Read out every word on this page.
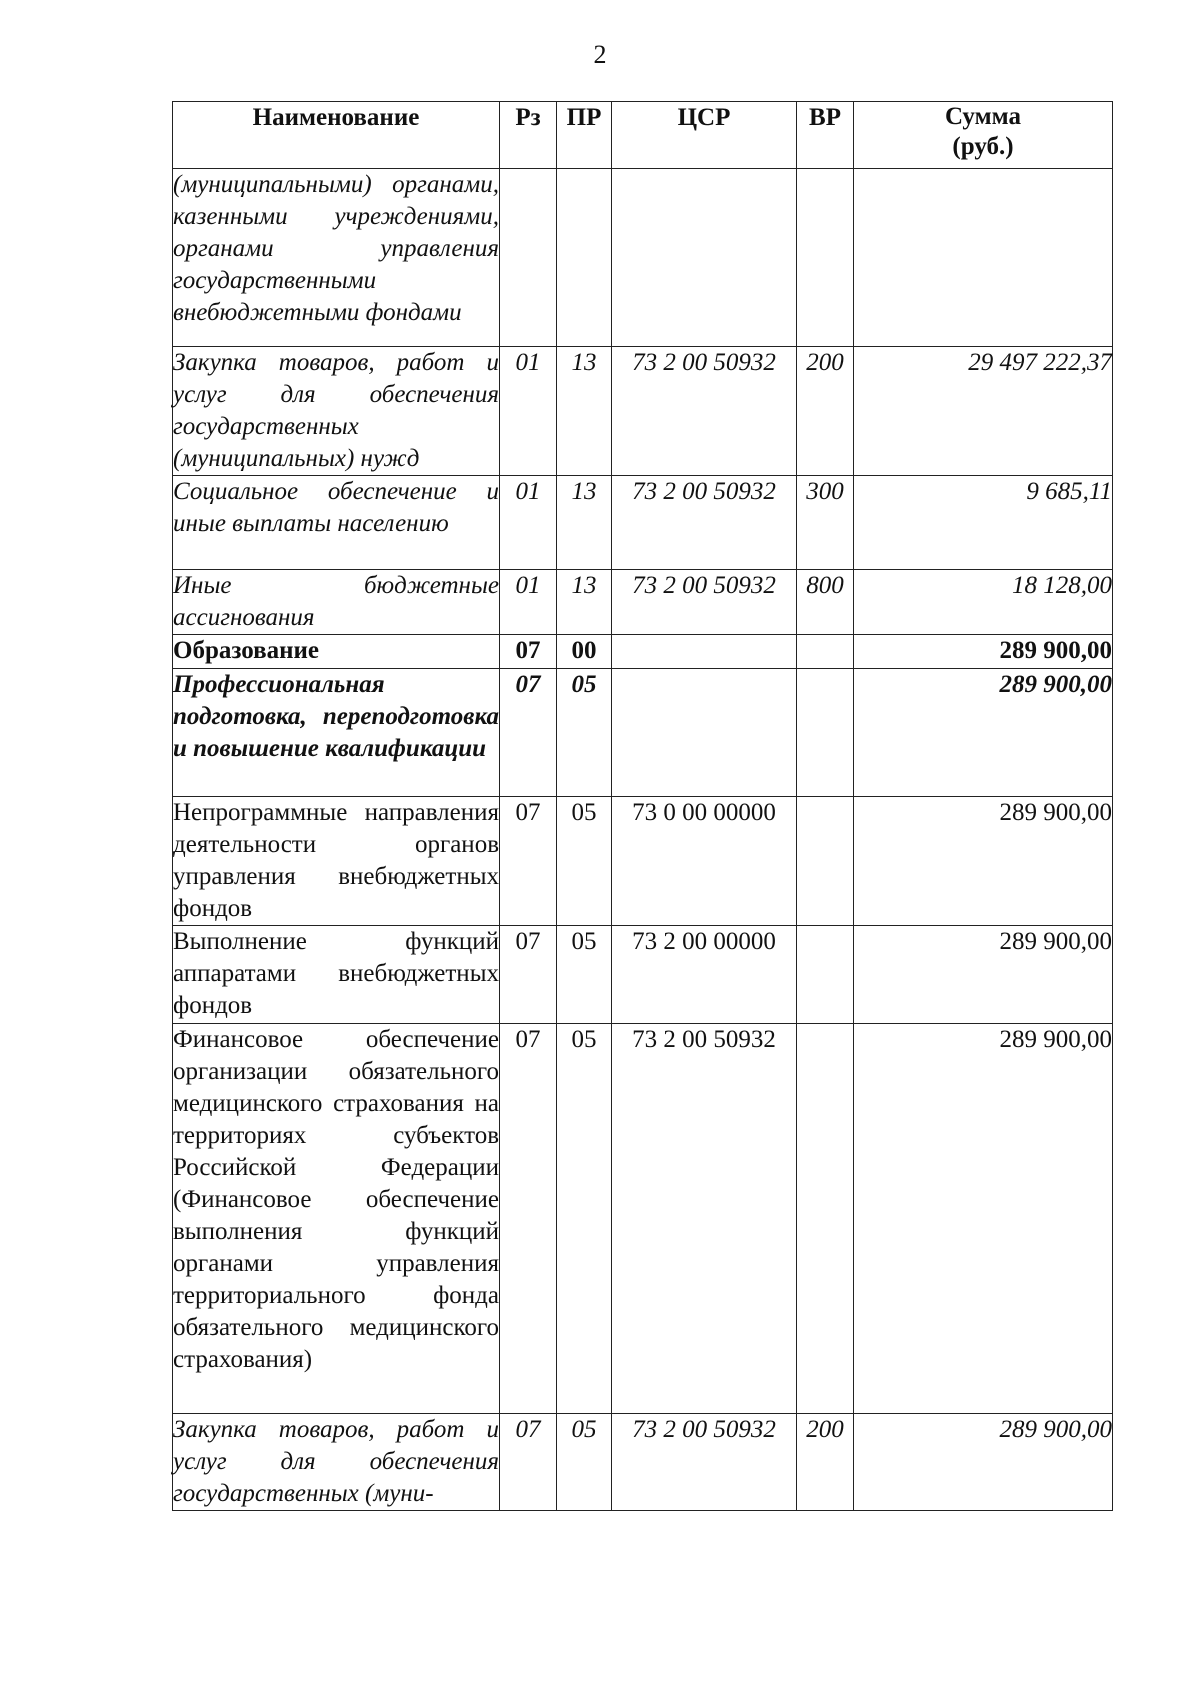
2
Наименование	Рз	ПР	ЦСР	ВР	Сумма
(руб.)

(муниципальными) органами, казенными учреждениями, органами управления государственными внебюджетными фондами					
Закупка товаров, работ и услуг для обеспечения государственных (муниципальных) нужд	01	13	73 2 00 50932	200	29 497 222,37
Социальное обеспечение и иные выплаты населению	01	13	73 2 00 50932	300	9 685,11
Иные бюджетные ассигнования	01	13	73 2 00 50932	800	18 128,00
Образование	07	00			289 900,00
Профессиональная подготовка, переподготовка и повышение квалификации	07	05			289 900,00
Непрограммные направления деятельности органов управления внебюджетных фондов	07	05	73 0 00 00000		289 900,00
Выполнение функций аппаратами внебюджетных фондов	07	05	73 2 00 00000		289 900,00
Финансовое обеспечение организации обязательного медицинского страхования на территориях субъектов Российской Федерации (Финансовое обеспечение выполнения функций органами управления территориального фонда обязательного медицинского страхования)	07	05	73 2 00 50932		289 900,00
Закупка товаров, работ и услуг для обеспечения государственных (муни-	07	05	73 2 00 50932	200	289 900,00
